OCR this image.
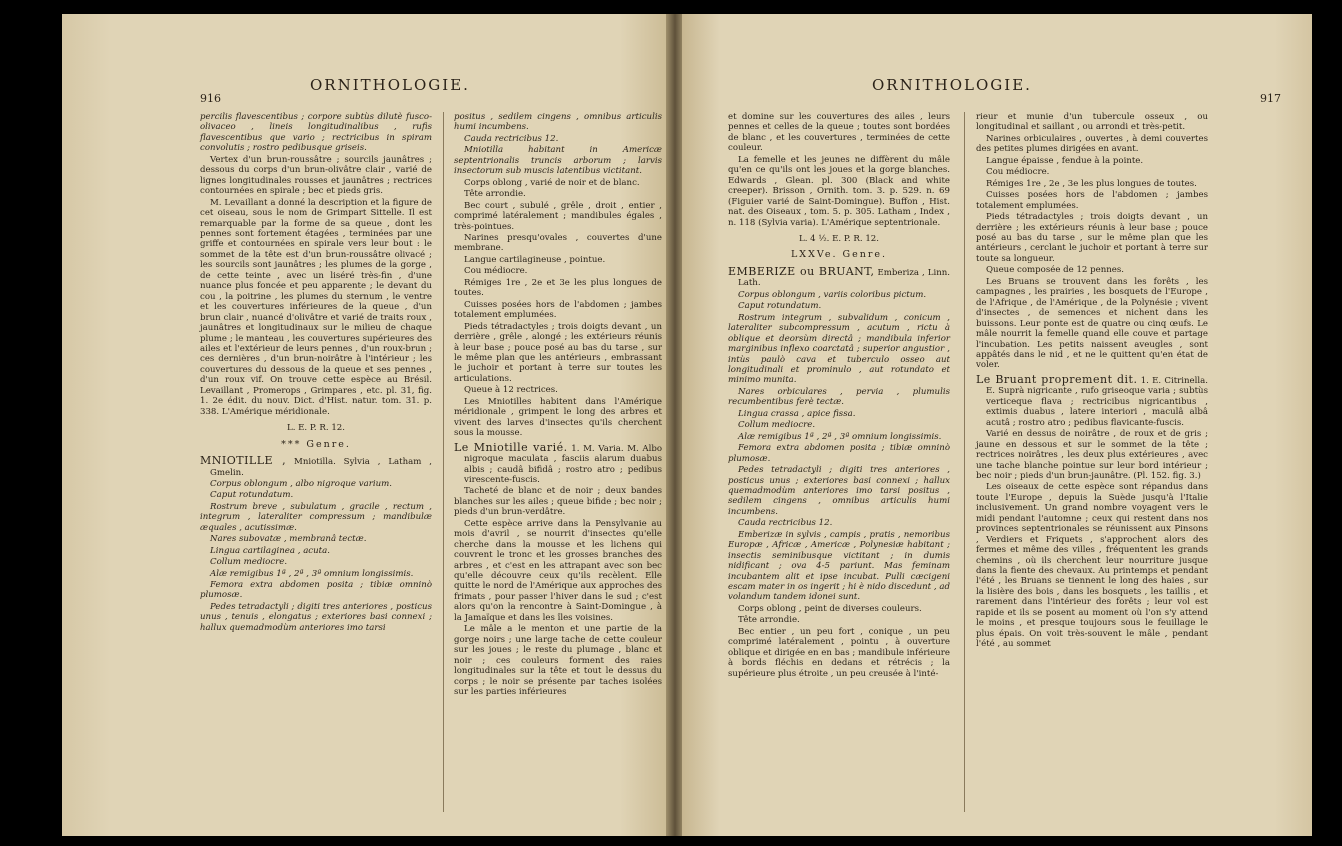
916
ORNITHOLOGIE.

percilis flavescentibus ; corpore subtùs dilutè fusco-olivaceo , lineis longitudinalibus , rufis flavescentibus que vario ; rectricibus in spiram convolutis ; rostro pedibusque griseis.

Vertex d'un brun-roussâtre ; sourcils jaunâtres ; dessous du corps d'un brun-olivâtre clair , varié de lignes longitudinales rousses et jaunâtres ; rectrices contournées en spirale ; bec et pieds gris.

M. Levaillant a donné la description et la figure de cet oiseau, sous le nom de Grimpart Sittelle. Il est remarquable par la forme de sa queue , dont les pennes sont fortement étagées , terminées par une griffe et contournées en spirale vers leur bout : le sommet de la tête est d'un brun-roussâtre olivacé ; les sourcils sont jaunâtres ; les plumes de la gorge , de cette teinte , avec un liséré très-fin , d'une nuance plus foncée et peu apparente ; le devant du cou , la poitrine , les plumes du sternum , le ventre et les couvertures inférieures de la queue , d'un brun clair , nuancé d'olivâtre et varié de traits roux , jaunâtres et longitudinaux sur le milieu de chaque plume ; le manteau , les couvertures supérieures des ailes et l'extérieur de leurs pennes , d'un roux-brun ; ces dernières , d'un brun-noirâtre à l'intérieur ; les couvertures du dessous de la queue et ses pennes , d'un roux vif. On trouve cette espèce au Brésil. Levaillant , Promerops , Grimpares , etc. pl. 31, fig. 1. 2e édit. du nouv. Dict. d'Hist. natur. tom. 31. p. 338. L'Amérique méridionale.

L. E. P. R. 12.

*** Genre.

MNIOTILLE , Mniotilla. Sylvia , Latham , Gmelin.

Corpus oblongum , albo nigroque varium.

Caput rotundatum.

Rostrum breve , subulatum , gracile , rectum , integrum , lateraliter compressum ; mandibulæ æquales , acutissimæ.

Nares subovatæ , membranâ tectæ.

Lingua cartilaginea , acuta.

Collum mediocre.

Alæ remigibus 1ª , 2ª , 3ª omnium longissimis.

Femora extra abdomen posita ; tibiæ omninò plumosæ.

Pedes tetradactyli ; digiti tres anteriores , posticus unus , tenuis , elongatus ; exteriores basi connexi ; hallux quemadmodùm anteriores imo tarsi

positus , sedilem cingens , omnibus articulis humi incumbens.

Cauda rectricibus 12.

Mniotilla habitant in Americæ septentrionalis truncis arborum ; larvis insectorum sub muscis latentibus victitant.

Corps oblong , varié de noir et de blanc.

Tête arrondie.

Bec court , subulé , grêle , droit , entier , comprimé latéralement ; mandibules égales , très-pointues.

Narines presqu'ovales , couvertes d'une membrane.

Langue cartilagineuse , pointue.

Cou médiocre.

Rémiges 1re , 2e et 3e les plus longues de toutes.

Cuisses posées hors de l'abdomen ; jambes totalement emplumées.

Pieds tétradactyles ; trois doigts devant , un derrière , grêle , alongé ; les extérieurs réunis à leur base ; pouce posé au bas du tarse , sur le même plan que les antérieurs , embrassant le juchoir et portant à terre sur toutes les articulations.

Queue à 12 rectrices.

Les Mniotilles habitent dans l'Amérique méridionale , grimpent le long des arbres et vivent des larves d'insectes qu'ils cherchent sous la mousse.

Le Mniotille varié. 1. M. Varia. M. Albo nigroque maculata , fasciis alarum duabus albis ; caudâ bifidâ ; rostro atro ; pedibus virescente-fuscis.

Tacheté de blanc et de noir ; deux bandes blanches sur les ailes ; queue bifide ; bec noir ; pieds d'un brun-verdâtre.

Cette espèce arrive dans la Pensylvanie au mois d'avril , se nourrit d'insectes qu'elle cherche dans la mousse et les lichens qui couvrent le tronc et les grosses branches des arbres , et c'est en les attrapant avec son bec qu'elle découvre ceux qu'ils recèlent. Elle quitte le nord de l'Amérique aux approches des frimats , pour passer l'hiver dans le sud ; c'est alors qu'on la rencontre à Saint-Domingue , à la Jamaïque et dans les îles voisines.

Le mâle a le menton et une partie de la gorge noirs ; une large tache de cette couleur sur les joues ; le reste du plumage , blanc et noir ; ces couleurs forment des raies longitudinales sur la tête et tout le dessus du corps ; le noir se présente par taches isolées sur les parties inférieures

ORNITHOLOGIE.
917

et domine sur les couvertures des ailes , leurs pennes et celles de la queue ; toutes sont bordées de blanc , et les couvertures , terminées de cette couleur.

La femelle et les jeunes ne diffèrent du mâle qu'en ce qu'ils ont les joues et la gorge blanches. Edwards , Glean. pl. 300 (Black and white creeper). Brisson , Ornith. tom. 3. p. 529. n. 69 (Figuier varié de Saint-Domingue). Buffon , Hist. nat. des Oiseaux , tom. 5. p. 305. Latham , Index , n. 118 (Sylvia varia). L'Amérique septentrionale.

L. 4 ½. E. P. R. 12.

LXXVe. Genre.

EMBERIZE ou BRUANT, Emberiza , Linn. Lath.

Corpus oblongum , variis coloribus pictum.

Caput rotundatum.

Rostrum integrum , subvalidum , conicum , lateraliter subcompressum , acutum , rictu à oblique et deorsùm directâ ; mandibula inferior marginibus inflexo coarctatâ ; superior angustior , intùs paulò cava et tuberculo osseo aut longitudinali et prominulo , aut rotundato et minimo munita.

Nares orbiculares , pervia , plumulis recumbentibus ferè tectæ.

Lingua crassa , apice fissa.

Collum mediocre.

Alæ remigibus 1ª , 2ª , 3ª omnium longissimis.

Femora extra abdomen posita ; tibiæ omninò plumosæ.

Pedes tetradactyli ; digiti tres anteriores , posticus unus ; exteriores basi connexi ; hallux quemadmodùm anteriores imo tarsi positus , sedilem cingens , omnibus articulis humi incumbens.

Cauda rectricibus 12.

Emberizæ in sylvis , campis , pratis , nemoribus Europæ , Africæ , Americæ , Polynesiæ habitant ; insectis seminibusque victitant ; in dumis nidificant ; ova 4-5 pariunt. Mas feminam incubantem alit et ipse incubat. Pulli cæcigeni escam mater in os ingerit ; hi è nido discedunt , ad volandum tandem idonei sunt.

Corps oblong , peint de diverses couleurs.

Tête arrondie.

Bec entier , un peu fort , conique , un peu comprimé latéralement , pointu , à ouverture oblique et dirigée en en bas ; mandibule inférieure à bords fléchis en dedans et rétrécis ; la supérieure plus étroite , un peu creusée à l'inté-

rieur et munie d'un tubercule osseux , ou longitudinal et saillant , ou arrondi et très-petit.

Narines orbiculaires , ouvertes , à demi couvertes des petites plumes dirigées en avant.

Langue épaisse , fendue à la pointe.

Cou médiocre.

Rémiges 1re , 2e , 3e les plus longues de toutes.

Cuisses posées hors de l'abdomen ; jambes totalement emplumées.

Pieds tétradactyles ; trois doigts devant , un derrière ; les extérieurs réunis à leur base ; pouce posé au bas du tarse , sur le même plan que les antérieurs , cerclant le juchoir et portant à terre sur toute sa longueur.

Queue composée de 12 pennes.

Les Bruans se trouvent dans les forêts , les campagnes , les prairies , les bosquets de l'Europe , de l'Afrique , de l'Amérique , de la Polynésie ; vivent d'insectes , de semences et nichent dans les buissons. Leur ponte est de quatre ou cinq œufs. Le mâle nourrit la femelle quand elle couve et partage l'incubation. Les petits naissent aveugles , sont appâtés dans le nid , et ne le quittent qu'en état de voler.

Le Bruant proprement dit. 1. E. Citrinella. E. Suprà nigricante , rufo griseoque varia ; subtùs verticeque flava ; rectricibus nigricantibus , extimis duabus , latere interiori , maculâ albâ acutâ ; rostro atro ; pedibus flavicante-fuscis.

Varié en dessus de noirâtre , de roux et de gris ; jaune en dessous et sur le sommet de la tête ; rectrices noirâtres , les deux plus extérieures , avec une tache blanche pointue sur leur bord intérieur ; bec noir ; pieds d'un brun-jaunâtre. (Pl. 152. fig. 3.)

Les oiseaux de cette espèce sont répandus dans toute l'Europe , depuis la Suède jusqu'à l'Italie inclusivement. Un grand nombre voyagent vers le midi pendant l'automne ; ceux qui restent dans nos provinces septentrionales se réunissent aux Pinsons , Verdiers et Friquets , s'approchent alors des fermes et même des villes , fréquentent les grands chemins , où ils cherchent leur nourriture jusque dans la fiente des chevaux. Au printemps et pendant l'été , les Bruans se tiennent le long des haies , sur la lisière des bois , dans les bosquets , les taillis , et rarement dans l'intérieur des forêts ; leur vol est rapide et ils se posent au moment où l'on s'y attend le moins , et presque toujours sous le feuillage le plus épais. On voit très-souvent le mâle , pendant l'été , au sommet
